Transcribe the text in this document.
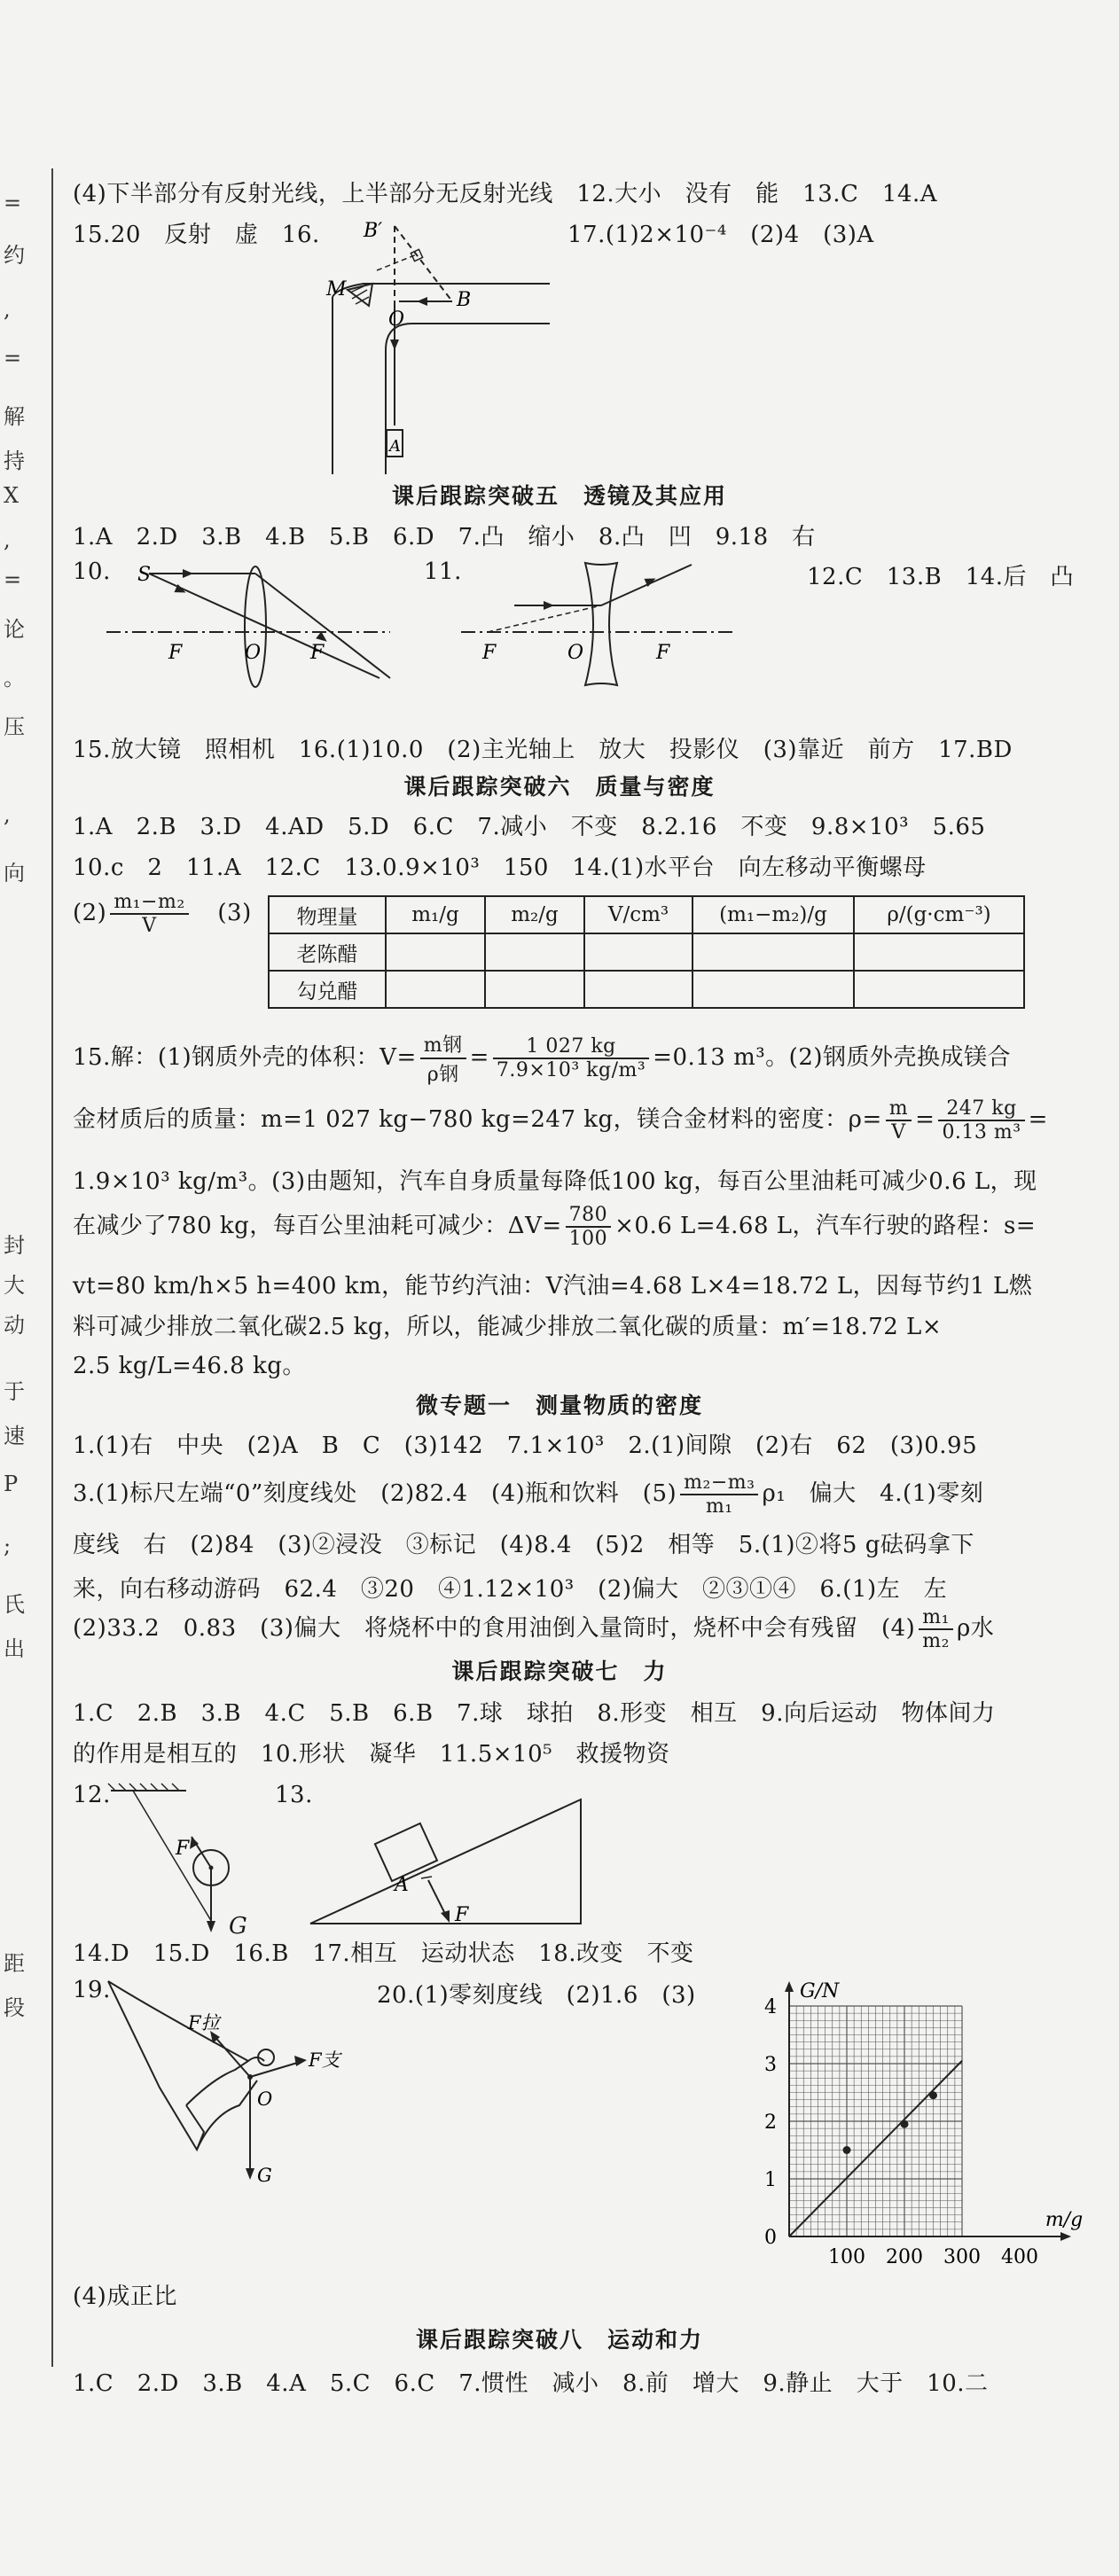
=
约
,
=
解
持
X
,
=
论
。
压
,
向
封
大
动
于
速
P
;
氏
出
距
段
(4)下半部分有反射光线，上半部分无反射光线　12.大小　没有　能　13.C　14.A
15.20　反射　虚　16.	17.(1)2×10⁻⁴　(2)4　(3)A
B′
M	B
O
A
课后跟踪突破五　透镜及其应用
1.A　2.D　3.B　4.B　5.B　6.D　7.凸　缩小　8.凸　凹　9.18　右
10.	11.	12.C　13.B　14.后　凸
S
F	O	F	F	O	F
15.放大镜　照相机　16.(1)10.0　(2)主光轴上　放大　投影仪　(3)靠近　前方　17.BD
课后跟踪突破六　质量与密度
1.A　2.B　3.D　4.AD　5.D　6.C　7.减小　不变　8.2.16　不变　9.8×10³　5.65
10.c　2　11.A　12.C　13.0.9×10³　150　14.(1)水平台　向左移动平衡螺母
$(2) \frac{\text{m₁−m₂}}{V} (3)$ 物理量	m₁/g	m₂/g	V/cm³	(m₁−m₂)/g	ρ/(g·cm⁻³)
老陈醋					
勾兑醋					
15.解：(1)钢质外壳的体积：$V= \frac{\text{m钢}}{\text{ρ钢}} = \frac{1 027 kg}{\text{7.9×10³ kg/m³}} =0.13$ m³。(2)钢质外壳换成镁合
金材质后的质量：m=1 027 kg−780 kg=247 kg，镁合金材料的密度：$\rho= \frac{m}{V} = \frac{247 kg}{\text{0.13 m³}}$ =
1.9×10³ kg/m³。(3)由题知，汽车自身质量每降低100 kg，每百公里油耗可减少0.6 L，现
在减少了780 kg，每百公里油耗可减少：$\Delta V= \frac{780}{100} \times 0.6$ L=4.68 L，汽车行驶的路程：s=
vt=80 km/h×5 h=400 km，能节约汽油：V汽油=4.68 L×4=18.72 L，因每节约1 L燃
料可减少排放二氧化碳2.5 kg，所以，能减少排放二氧化碳的质量：m′=18.72 L×
2.5 kg/L=46.8 kg。
微专题一　测量物质的密度
1.(1)右　中央　(2)A　B　C　(3)142　7.1×10³　2.(1)间隙　(2)右　62　(3)0.95
3.(1)标尺左端“0”刻度线处　(2)82.4　(4)瓶和饮料　$(5) \frac{\text{m₂−m₃}}{\text{m₁}} \rho_1$　偏大　4.(1)零刻
度线　右　(2)84　(3)②浸没　③标记　(4)8.4　(5)2　相等　5.(1)②将5 g砝码拿下
来，向右移动游码　62.4　③20　④1.12×10³　(2)偏大　②③①④　6.(1)左　左
(2)33.2　0.83　(3)偏大　将烧杯中的食用油倒入量筒时，烧杯中会有残留　$(4) \frac{\text{m₁}}{\text{m₂}}$ ρ水
课后跟踪突破七　力
1.C　2.B　3.B　4.C　5.B　6.B　7.球　球拍　8.形变　相互　9.向后运动　物体间力
的作用是相互的　10.形状　凝华　11.5×10⁵　救援物资
12.	13.
F
G
A
F
14.D　15.D　16.B　17.相互　运动状态　18.改变　不变
19.	20.(1)零刻度线　(2)1.6　(3)
F拉
F支
O
G
100 200 300 400
1
2
3
4
0
m/g
G/N
(4)成正比
课后跟踪突破八　运动和力
1.C　2.D　3.B　4.A　5.C　6.C　7.惯性　减小　8.前　增大　9.静止　大于　10.二
